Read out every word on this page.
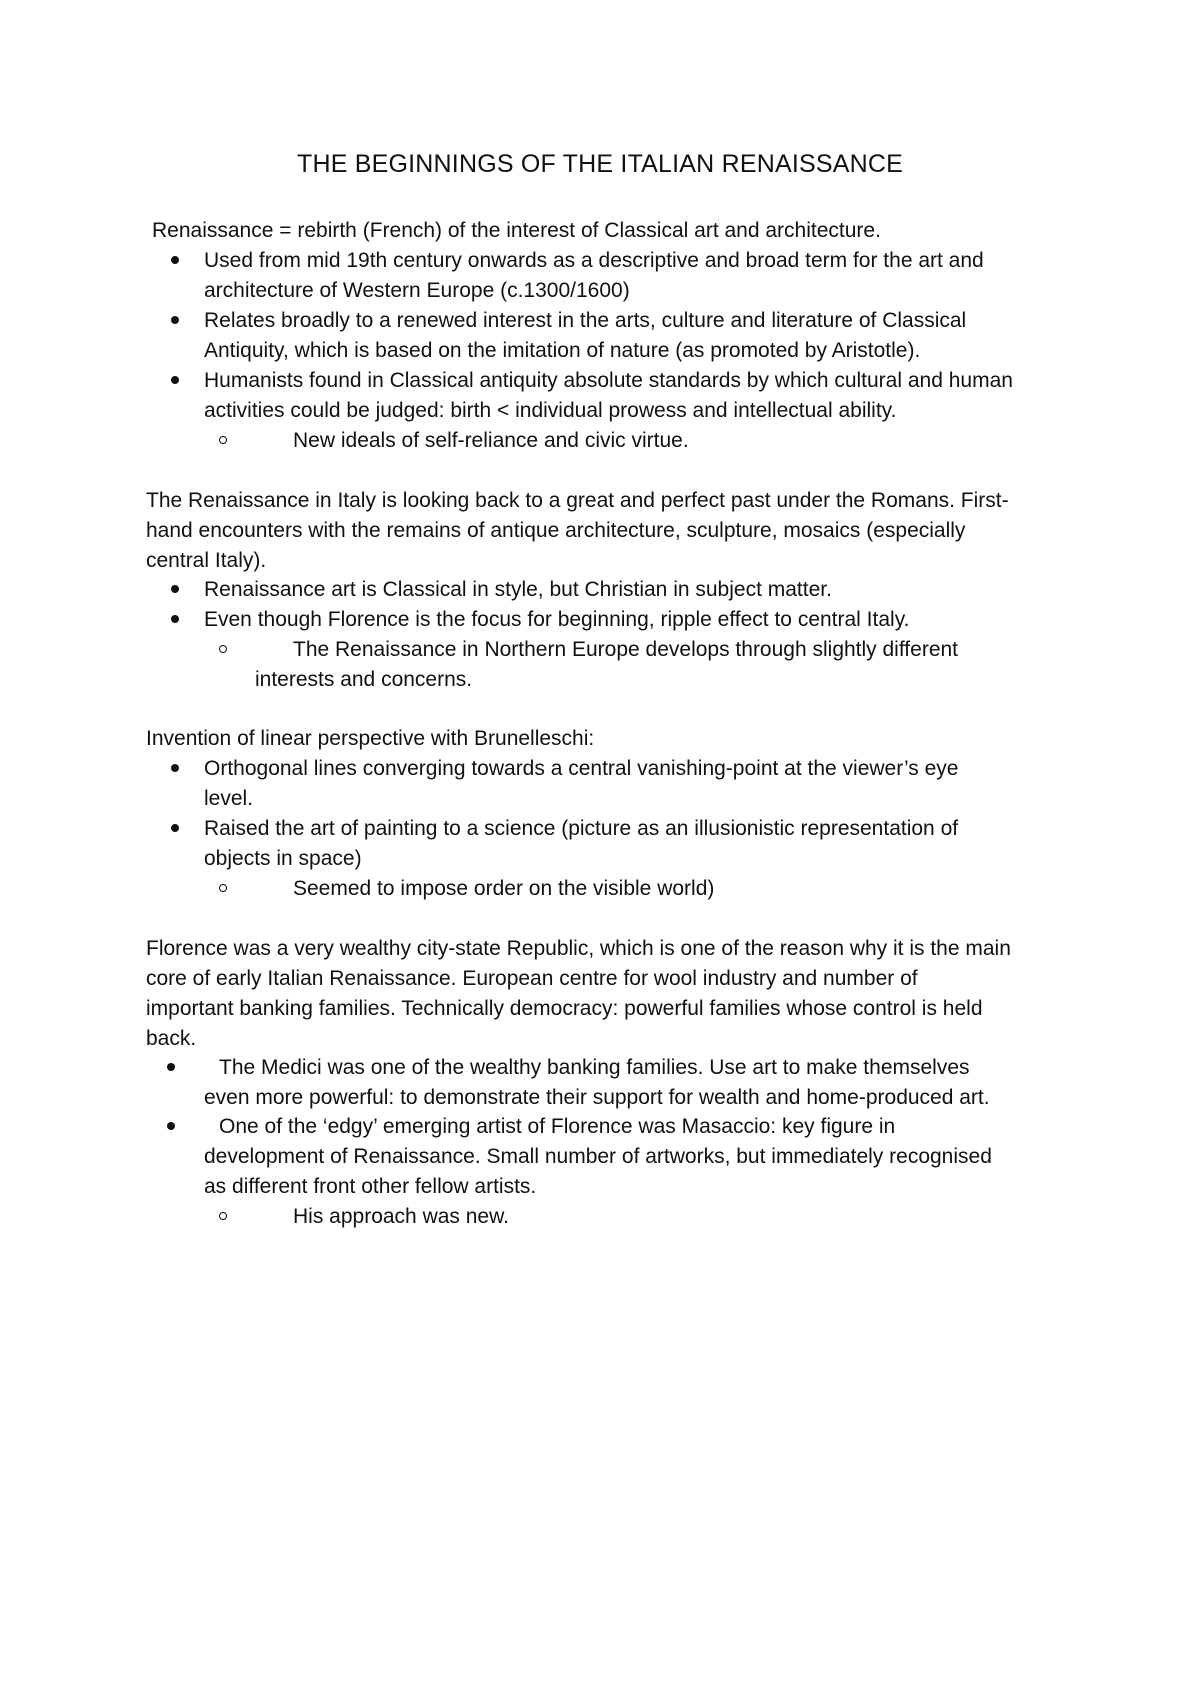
THE BEGINNINGS OF THE ITALIAN RENAISSANCE

Renaissance = rebirth (French) of the interest of Classical art and architecture.

Used from mid 19th century onwards as a descriptive and broad term for the art and

architecture of Western Europe (c.1300/1600)

Relates broadly to a renewed interest in the arts, culture and literature of Classical

Antiquity, which is based on the imitation of nature (as promoted by Aristotle).

Humanists found in Classical antiquity absolute standards by which cultural and human

activities could be judged: birth < individual prowess and intellectual ability.

New ideals of self-reliance and civic virtue.

The Renaissance in Italy is looking back to a great and perfect past under the Romans. First-

hand encounters with the remains of antique architecture, sculpture, mosaics (especially

central Italy).

Renaissance art is Classical in style, but Christian in subject matter.

Even though Florence is the focus for beginning, ripple effect to central Italy.

The Renaissance in Northern Europe develops through slightly different

interests and concerns.

Invention of linear perspective with Brunelleschi:

Orthogonal lines converging towards a central vanishing-point at the viewer’s eye

level.

Raised the art of painting to a science (picture as an illusionistic representation of

objects in space)

Seemed to impose order on the visible world)

Florence was a very wealthy city-state Republic, which is one of the reason why it is the main

core of early Italian Renaissance. European centre for wool industry and number of

important banking families. Technically democracy: powerful families whose control is held

back.

The Medici was one of the wealthy banking families. Use art to make themselves

even more powerful: to demonstrate their support for wealth and home-produced art.

One of the ‘edgy’ emerging artist of Florence was Masaccio: key figure in

development of Renaissance. Small number of artworks, but immediately recognised

as different front other fellow artists.

His approach was new.
